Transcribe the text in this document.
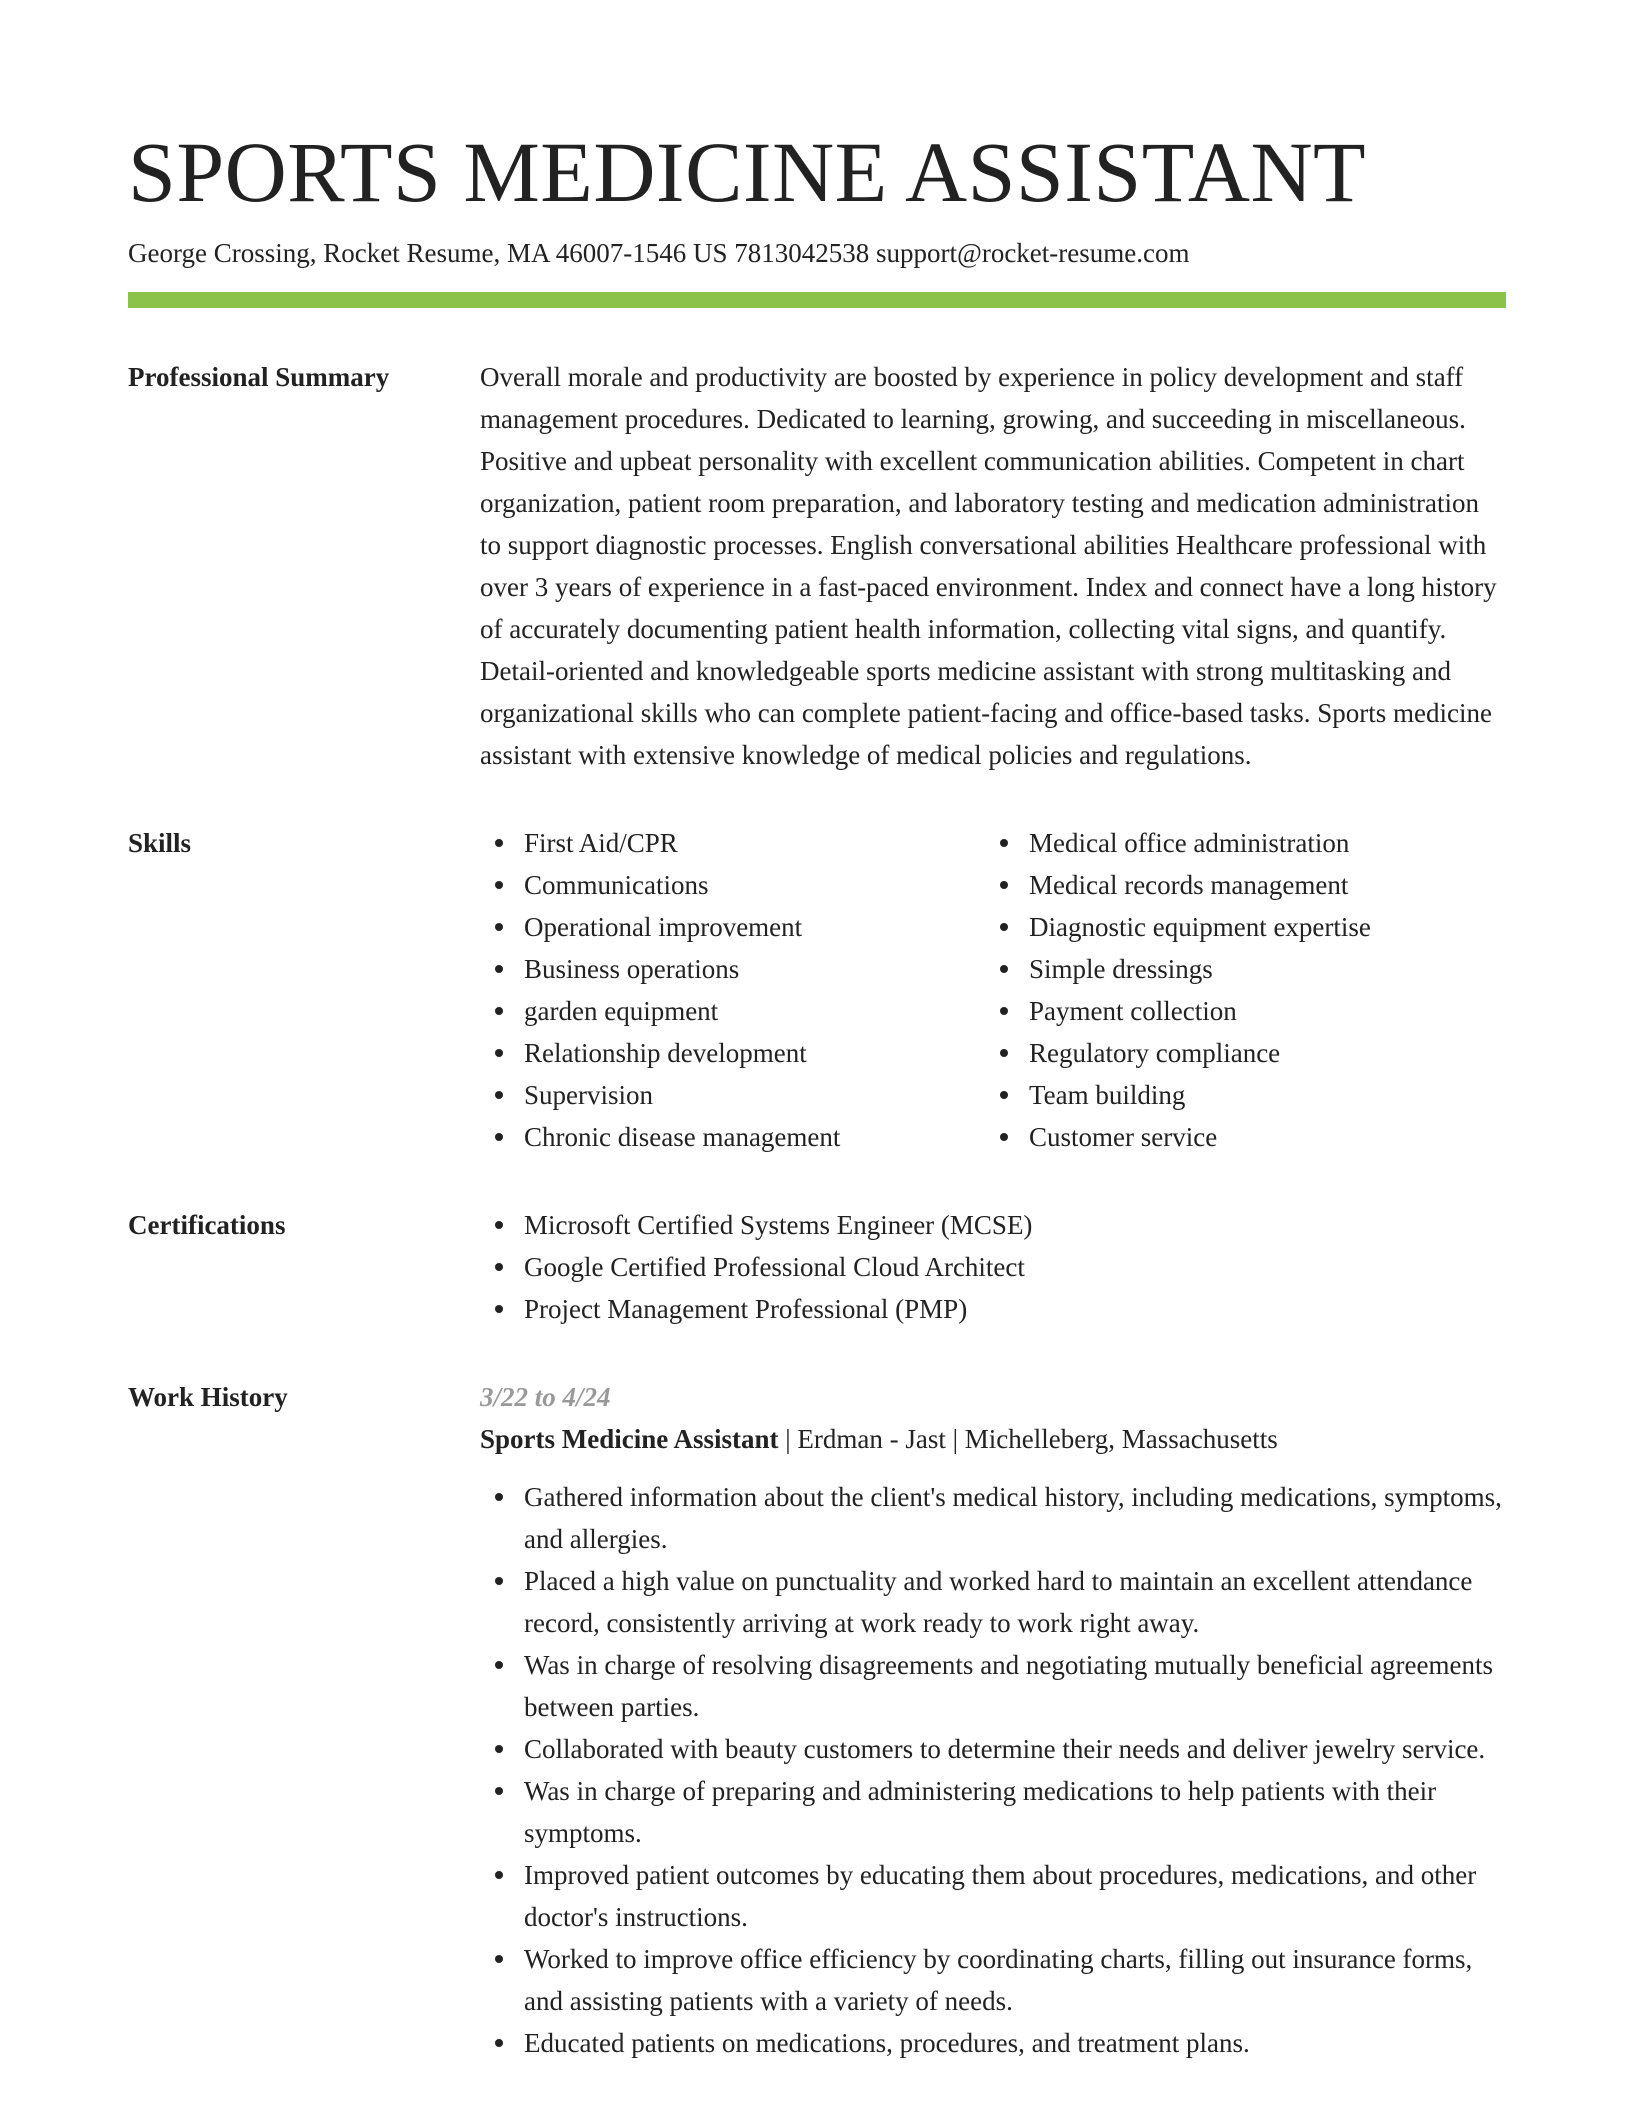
SPORTS MEDICINE ASSISTANT
George Crossing, Rocket Resume, MA 46007-1546 US 7813042538 support@rocket-resume.com
Professional Summary	Overall morale and productivity are boosted by experience in policy development and staff management procedures. Dedicated to learning, growing, and succeeding in miscellaneous. Positive and upbeat personality with excellent communication abilities. Competent in chart organization, patient room preparation, and laboratory testing and medication administration to support diagnostic processes. English conversational abilities Healthcare professional with over 3 years of experience in a fast-paced environment. Index and connect have a long history of accurately documenting patient health information, collecting vital signs, and quantify. Detail-oriented and knowledgeable sports medicine assistant with strong multitasking and organizational skills who can complete patient-facing and office-based tasks. Sports medicine assistant with extensive knowledge of medical policies and regulations.

Skills	First Aid/CPR
Communications
Operational improvement
Business operations
garden equipment
Relationship development
Supervision
Chronic disease management
Medical office administration
Medical records management
Diagnostic equipment expertise
Simple dressings
Payment collection
Regulatory compliance
Team building
Customer service
Certifications	Microsoft Certified Systems Engineer (MCSE)
Google Certified Professional Cloud Architect
Project Management Professional (PMP)
Work History	3/22 to 4/24
Sports Medicine Assistant | Erdman - Jast | Michelleberg, Massachusetts
Gathered information about the client's medical history, including medications, symptoms, and allergies.
Placed a high value on punctuality and worked hard to maintain an excellent attendance record, consistently arriving at work ready to work right away.
Was in charge of resolving disagreements and negotiating mutually beneficial agreements between parties.
Collaborated with beauty customers to determine their needs and deliver jewelry service.
Was in charge of preparing and administering medications to help patients with their symptoms.
Improved patient outcomes by educating them about procedures, medications, and other doctor's instructions.
Worked to improve office efficiency by coordinating charts, filling out insurance forms, and assisting patients with a variety of needs.
Educated patients on medications, procedures, and treatment plans.
